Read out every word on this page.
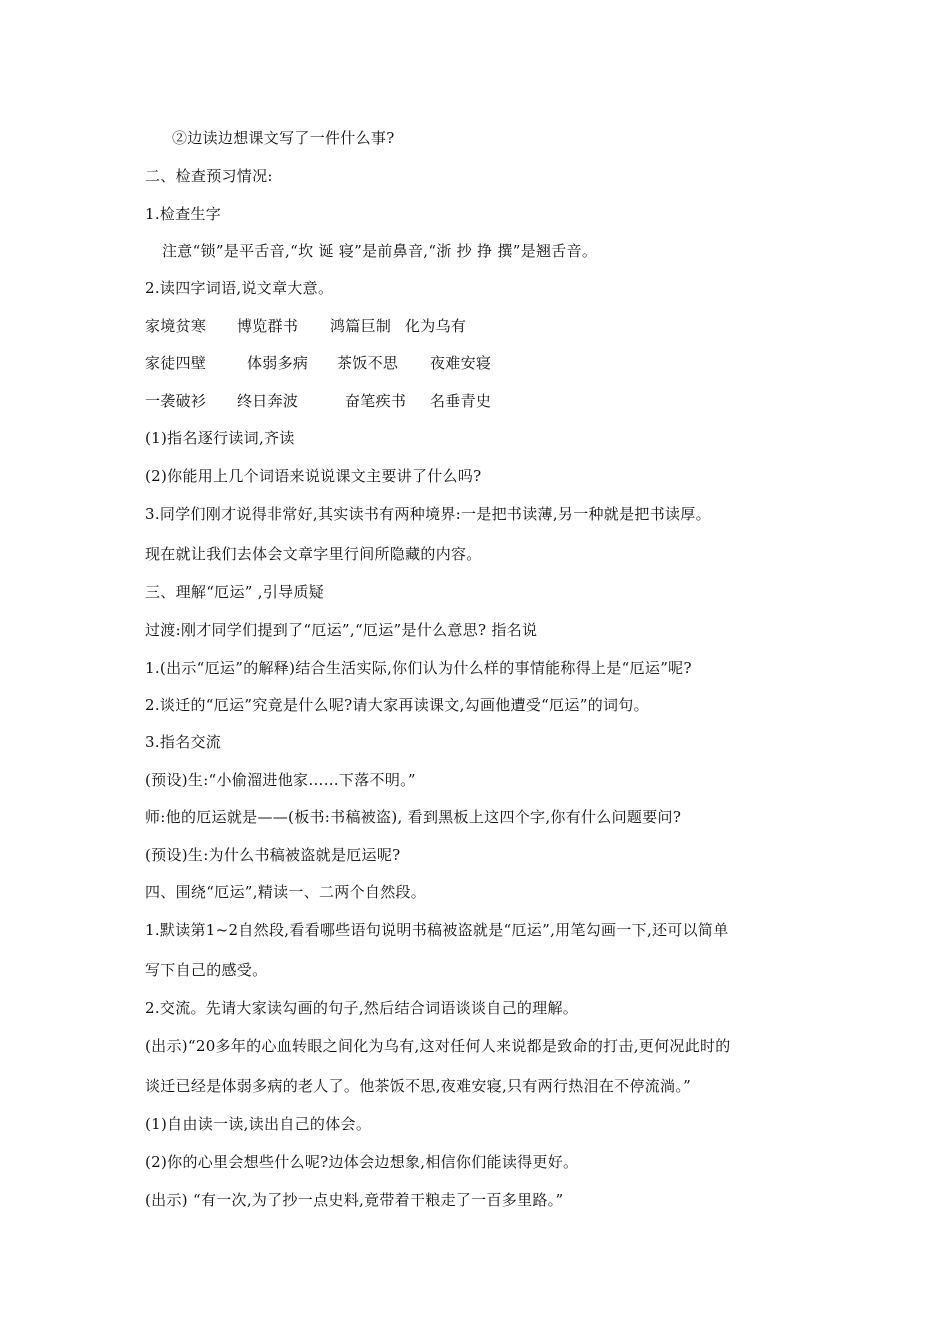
②边读边想课文写了一件什么事?
二、检查预习情况:
1.检查生字
注意“锁”是平舌音,“坎 诞 寝”是前鼻音,“浙 抄 挣 撰”是翘舌音。
2.读四字词语,说文章大意。
家境贫寒 博览群书 鸿篇巨制 化为乌有
家徒四壁	体弱多病 茶饭不思 夜难安寝
一袭破衫 终日奔波	奋笔疾书 名垂青史
(1)指名逐行读词,齐读
(2)你能用上几个词语来说说课文主要讲了什么吗?
3.同学们刚才说得非常好,其实读书有两种境界:一是把书读薄,另一种就是把书读厚。
现在就让我们去体会文章字里行间所隐藏的内容。
三、理解“厄运” ,引导质疑
过渡:刚才同学们提到了“厄运”,“厄运”是什么意思? 指名说
1.(出示“厄运”的解释)结合生活实际,你们认为什么样的事情能称得上是“厄运”呢?
2.谈迁的“厄运”究竟是什么呢?请大家再读课文,勾画他遭受“厄运”的词句。
3.指名交流
(预设)生:“小偷溜进他家……下落不明。”
师:他的厄运就是——(板书:书稿被盗), 看到黑板上这四个字,你有什么问题要问?
(预设)生:为什么书稿被盗就是厄运呢?
四、围绕“厄运”,精读一、二两个自然段。
1.默读第1~2自然段,看看哪些语句说明书稿被盗就是“厄运”,用笔勾画一下,还可以简单
写下自己的感受。
2.交流。先请大家读勾画的句子,然后结合词语谈谈自己的理解。
(出示)“20多年的心血转眼之间化为乌有,这对任何人来说都是致命的打击,更何况此时的
谈迁已经是体弱多病的老人了。他茶饭不思,夜难安寝,只有两行热泪在不停流淌。”
(1)自由读一读,读出自己的体会。
(2)你的心里会想些什么呢?边体会边想象,相信你们能读得更好。
(出示) “有一次,为了抄一点史料,竟带着干粮走了一百多里路。”
